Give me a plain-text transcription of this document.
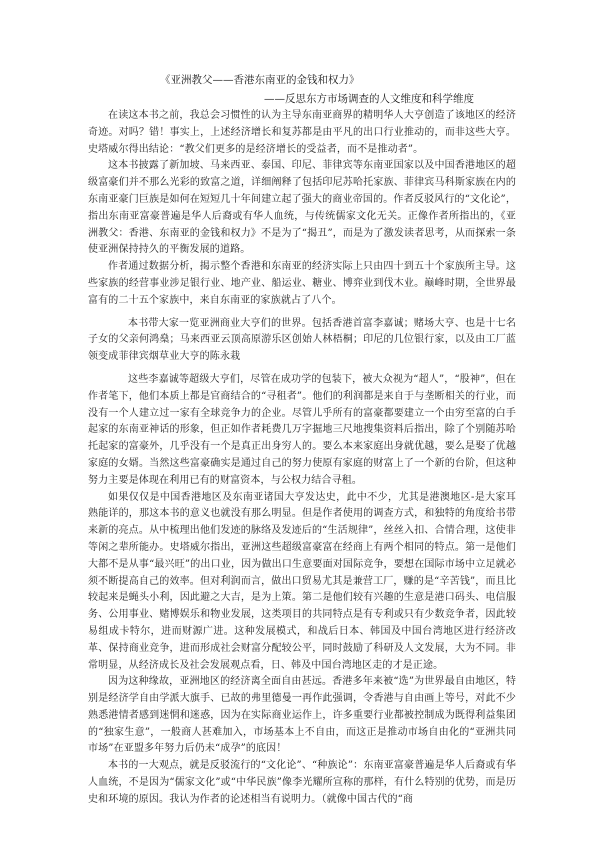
《亚洲教父——香港东南亚的金钱和权力》
——反思东方市场调查的人文维度和科学维度

在读这本书之前，我总会习惯性的认为主导东南亚商界的精明华人大亨创造了该地区的经济奇迹。对吗？错！事实上，上述经济增长和复苏都是由平凡的出口行业推动的，而非这些大亨。史塔威尔得出结论：“教父们更多的是经济增长的受益者，而不是推动者”。

这本书披露了新加坡、马来西亚、泰国、印尼、菲律宾等东南亚国家以及中国香港地区的超级富豪们并不那么光彩的致富之道，详细阐释了包括印尼苏哈托家族、菲律宾马科斯家族在内的东南亚豪门巨族是如何在短短几十年间建立起了强大的商业帝国的。作者反驳风行的“文化论”，指出东南亚富豪普遍是华人后裔或有华人血统，与传统儒家文化无关。正像作者所指出的，《亚洲教父：香港、东南亚的金钱和权力》不是为了“揭丑”，而是为了激发读者思考，从而探索一条使亚洲保持持久的平衡发展的道路。

作者通过数据分析，揭示整个香港和东南亚的经济实际上只由四十到五十个家族所主导。这些家族的经营事业涉足银行业、地产业、船运业、糖业、博弈业到伐木业。巅峰时期，全世界最富有的二十五个家族中，来自东南亚的家族就占了八个。

本书带大家一览亚洲商业大亨们的世界。包括香港首富李嘉诚；赌场大亨、也是十七名子女的父亲何鸿燊；马来西亚云顶高原游乐区创始人林梧桐；印尼的几位银行家，以及由工厂蓝领变成菲律宾烟草业大亨的陈永栽

这些李嘉诚等超级大亨们，尽管在成功学的包装下，被大众视为“超人”，“股神”，但在作者笔下，他们本质上都是官商结合的“寻租者”。他们的利润都是来自于与垄断相关的行业，而没有一个人建立过一家有全球竞争力的企业。尽管儿乎所有的富豪都要建立一个由穷至富的白手起家的东南亚神话的形象，但正如作者耗费几万字掘地三尺地搜集资料后指出，除了个别随苏哈托起家的富豪外，几乎没有一个是真正出身穷人的。要么本来家庭出身就优越，要么是娶了优越家庭的女婿。当然这些富豪确实是通过自己的努力使原有家庭的财富上了一个新的台阶，但这种努力主要是体现在利用已有的财富资本，与公权力结合寻租。

如果仅仅是中国香港地区及东南亚诸国大亨发达史，此中不少，尤其是港澳地区-是大家耳熟能详的，那这本书的意义也就没有那么明显。但是作者使用的调查方式，和独特的角度给书带来新的亮点。从中梳理出他们发迹的脉络及发迹后的“生活规律”，丝丝入扣、合情合理，这使非等闲之辈所能办。史塔威尔指出，亚洲这些超级富豪富在经商上有两个相同的特点。第一是他们大都不是从事“最兴旺”的出口业，因为做出口生意要面对国际竞争，要想在国际市场中立足就必须不断提高自己的效率。但对利润而言，做出口贸易尤其是兼营工厂，赚的是“辛苦钱”，而且比较起来是蝇头小利，因此避之大吉，是为上策。第二是他们较有兴趣的生意是港口码头、电信服务、公用事业、赌博娱乐和物业发展，这类项目的共同特点是有专利或只有少数竞争者，因此较易组成卡特尔，进而财源广进。这种发展模式，和战后日本、韩国及中国台湾地区进行经济改革、保持商业竞争，进而形成社会财富分配较公平，同时鼓励了科研及人文发展，大为不同。非常明显，从经济成长及社会发展观点看，日、韩及中国台湾地区走的才是正途。

因为这种缘故，亚洲地区的经济离全面自由甚远。香港多年来被“选”为世界最自由地区，特别是经济学自由学派大旗手、已故的弗里德曼一再作此强调，令香港与自由画上等号，对此不少熟悉港情者感到迷惘和迷惑，因为在实际商业运作上，许多重要行业都被控制成为既得利益集团的“独家生意”，一般商人甚难加入，市场基本上不自由，而这正是推动市场自由化的“亚洲共同市场”在亚盟多年努力后仍未“成孕”的底因！

本书的一大观点，就是反驳流行的“文化论”、“种族论”：东南亚富豪普遍是华人后裔或有华人血统，不是因为“儒家文化”或“中华民族”像李光耀所宣称的那样，有什么特别的优势，而是历史和环境的原因。我认为作者的论述相当有说明力。（就像中国古代的“商
